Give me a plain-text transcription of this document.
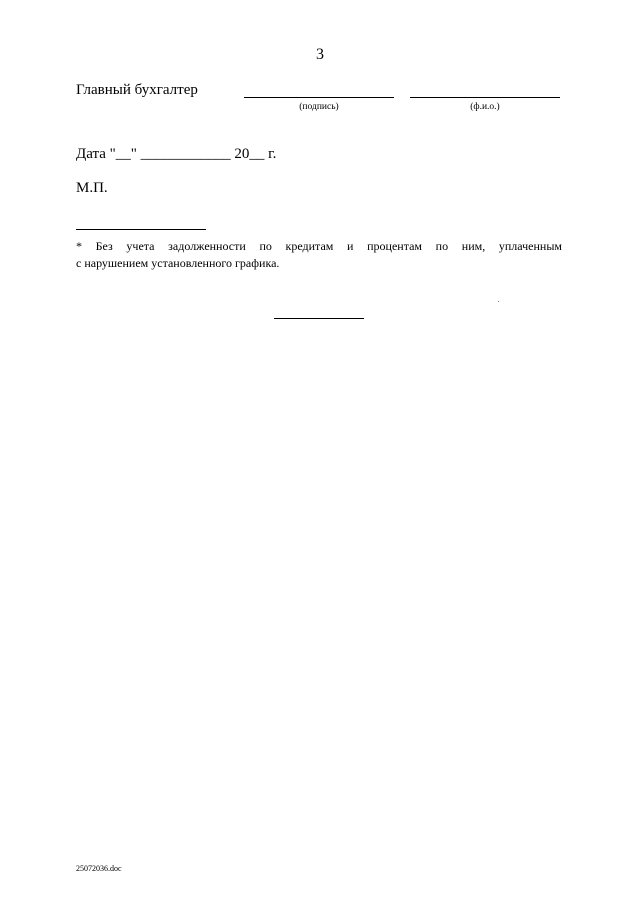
3
Главный бухгалтер
(подпись)	(ф.и.о.)
Дата "__" ____________ 20__ г.
М.П.
* Без учета задолженности по кредитам и процентам по ним, уплаченным
с нарушением установленного графика.
25072036.doc
